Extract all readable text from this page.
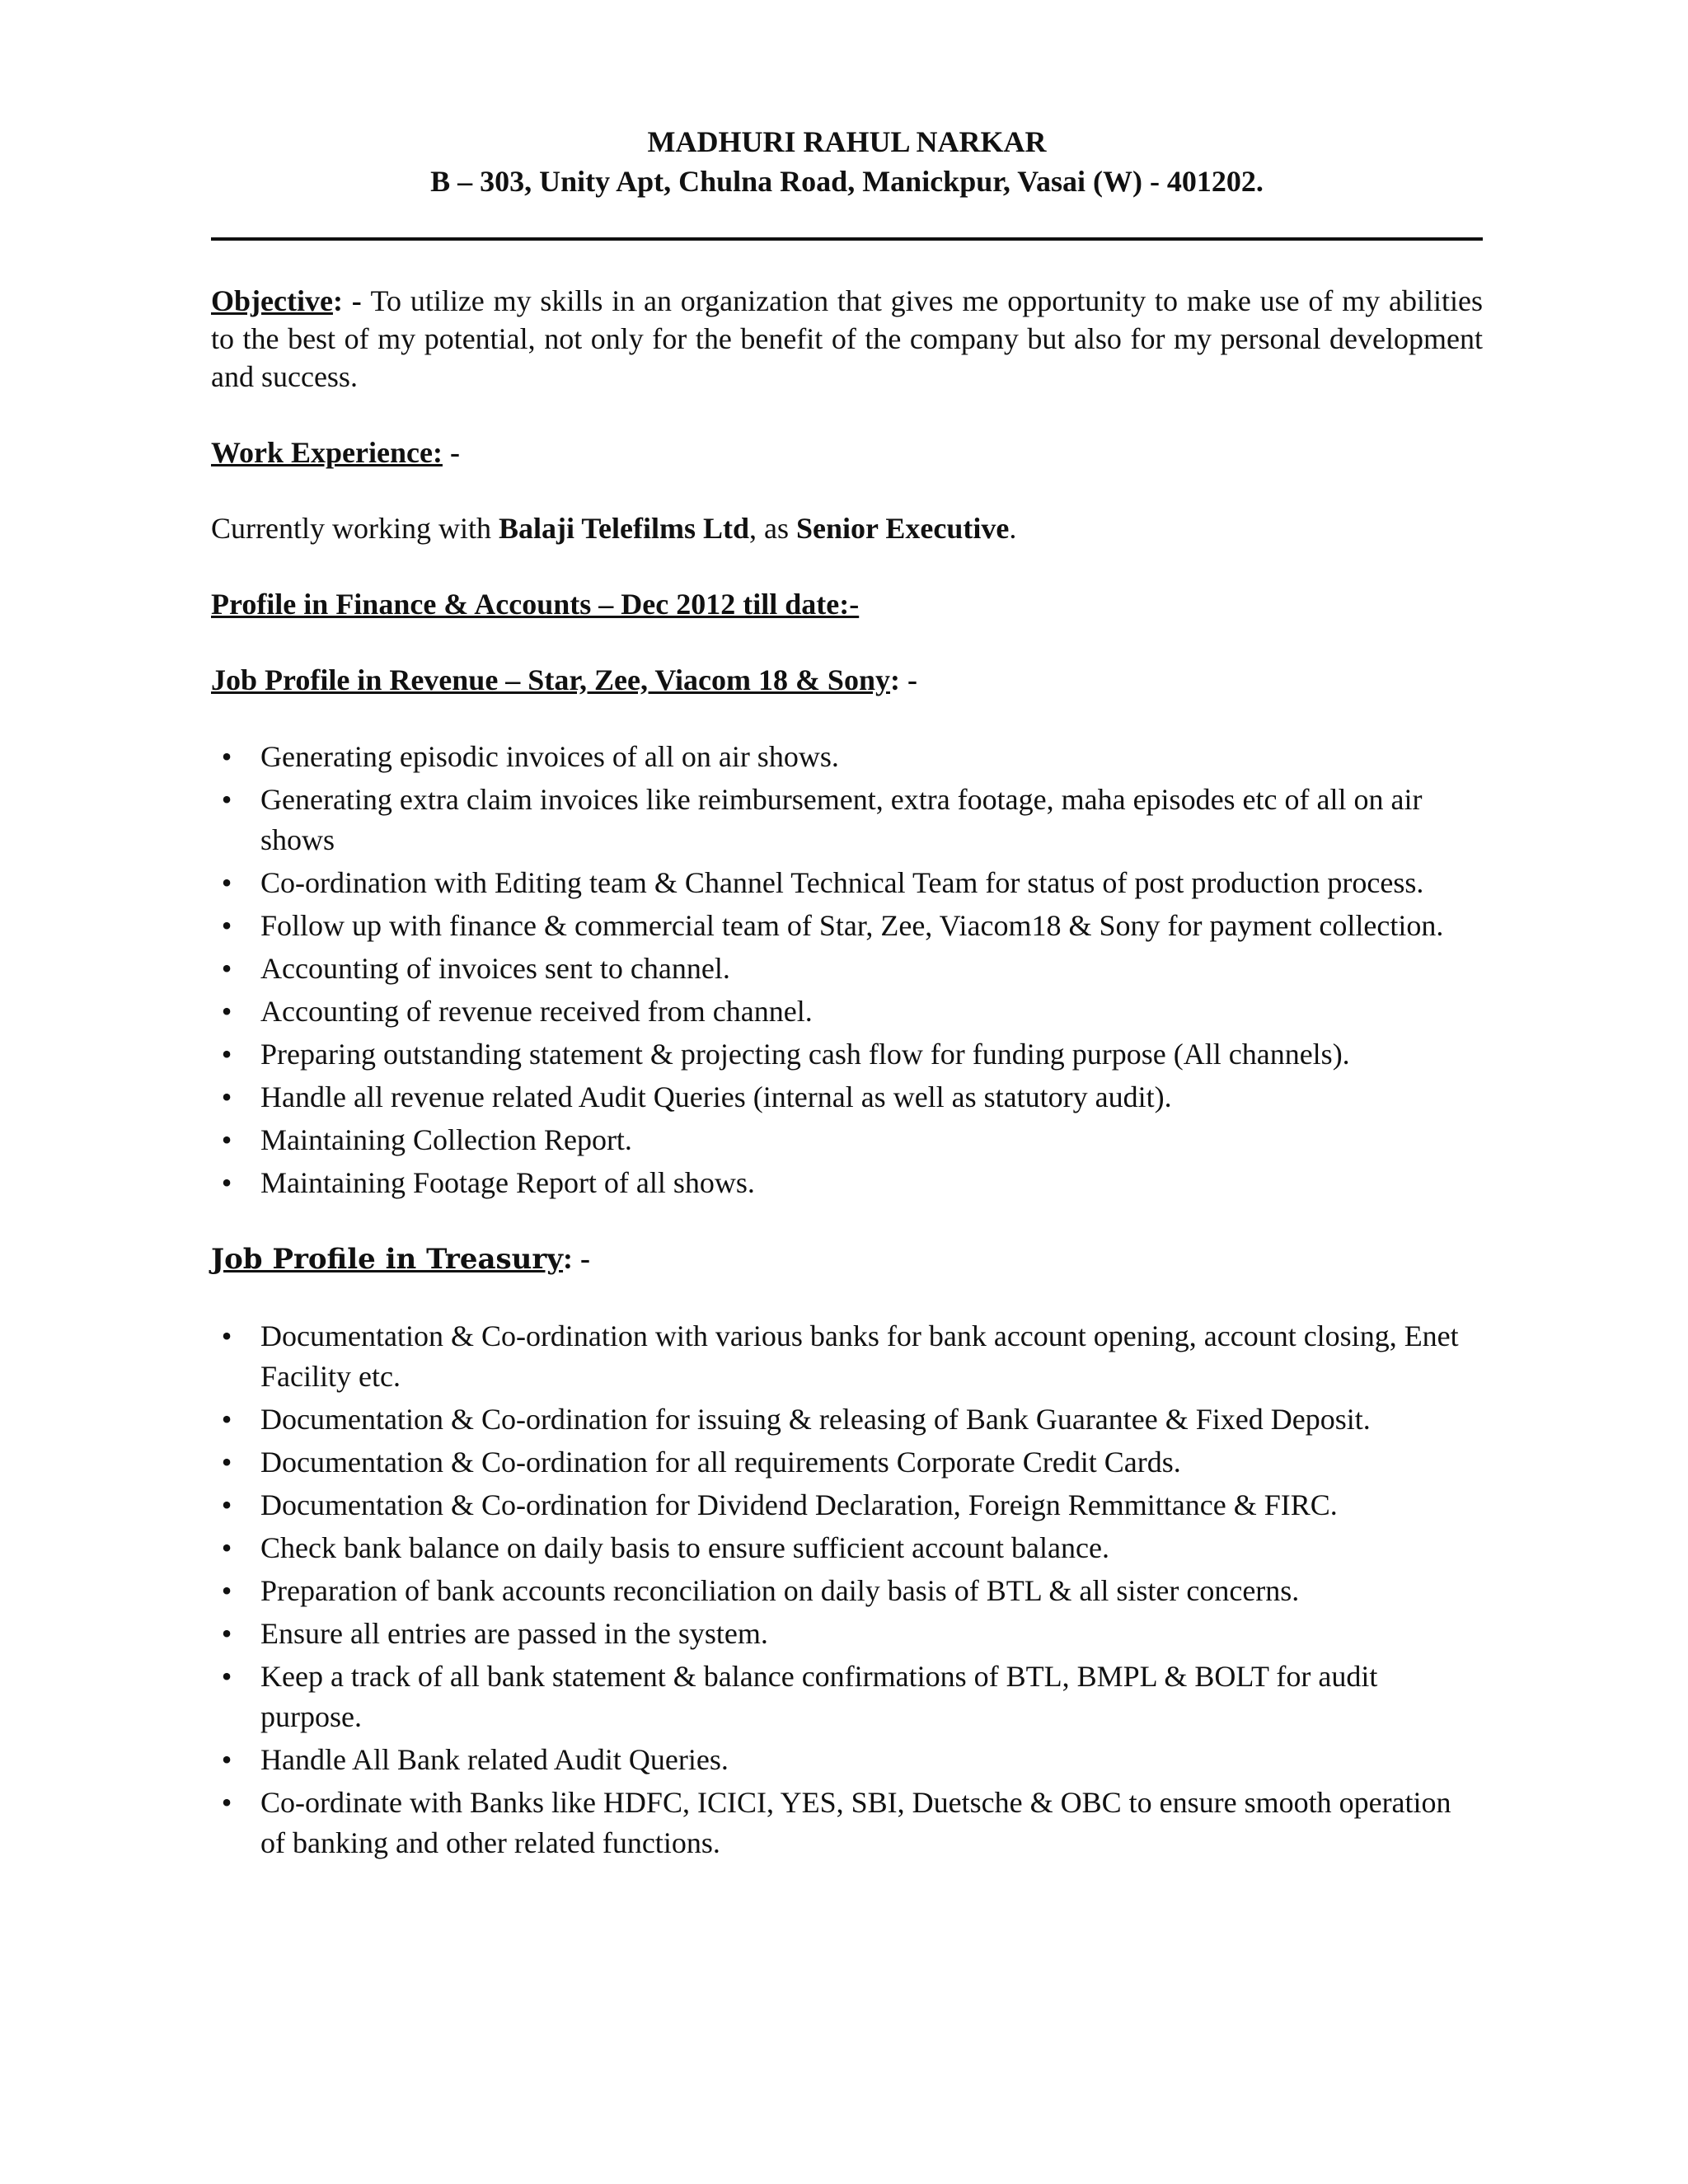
MADHURI RAHUL NARKAR
B – 303, Unity Apt, Chulna Road, Manickpur, Vasai (W) - 401202.
Objective: - To utilize my skills in an organization that gives me opportunity to make use of my abilities to the best of my potential, not only for the benefit of the company but also for my personal development and success.
Work Experience: -
Currently working with Balaji Telefilms Ltd, as Senior Executive.
Profile in Finance & Accounts – Dec 2012 till date:-
Job Profile in Revenue – Star, Zee, Viacom 18 & Sony: -
• Generating episodic invoices of all on air shows.
• Generating extra claim invoices like reimbursement, extra footage, maha episodes etc of all on air shows
• Co-ordination with Editing team & Channel Technical Team for status of post production process.
• Follow up with finance & commercial team of Star, Zee, Viacom18 & Sony for payment collection.
• Accounting of invoices sent to channel.
• Accounting of revenue received from channel.
• Preparing outstanding statement & projecting cash flow for funding purpose (All channels).
• Handle all revenue related Audit Queries (internal as well as statutory audit).
• Maintaining Collection Report.
• Maintaining Footage Report of all shows.
Job Profile in Treasury: -
• Documentation & Co-ordination with various banks for bank account opening, account closing, Enet Facility etc.
• Documentation & Co-ordination for issuing & releasing of Bank Guarantee & Fixed Deposit.
• Documentation & Co-ordination for all requirements Corporate Credit Cards.
• Documentation & Co-ordination for Dividend Declaration, Foreign Remmittance & FIRC.
• Check bank balance on daily basis to ensure sufficient account balance.
• Preparation of bank accounts reconciliation on daily basis of BTL & all sister concerns.
• Ensure all entries are passed in the system.
• Keep a track of all bank statement & balance confirmations of BTL, BMPL & BOLT for audit purpose.
• Handle All Bank related Audit Queries.
• Co-ordinate with Banks like HDFC, ICICI, YES, SBI, Duetsche & OBC to ensure smooth operation of banking and other related functions.
